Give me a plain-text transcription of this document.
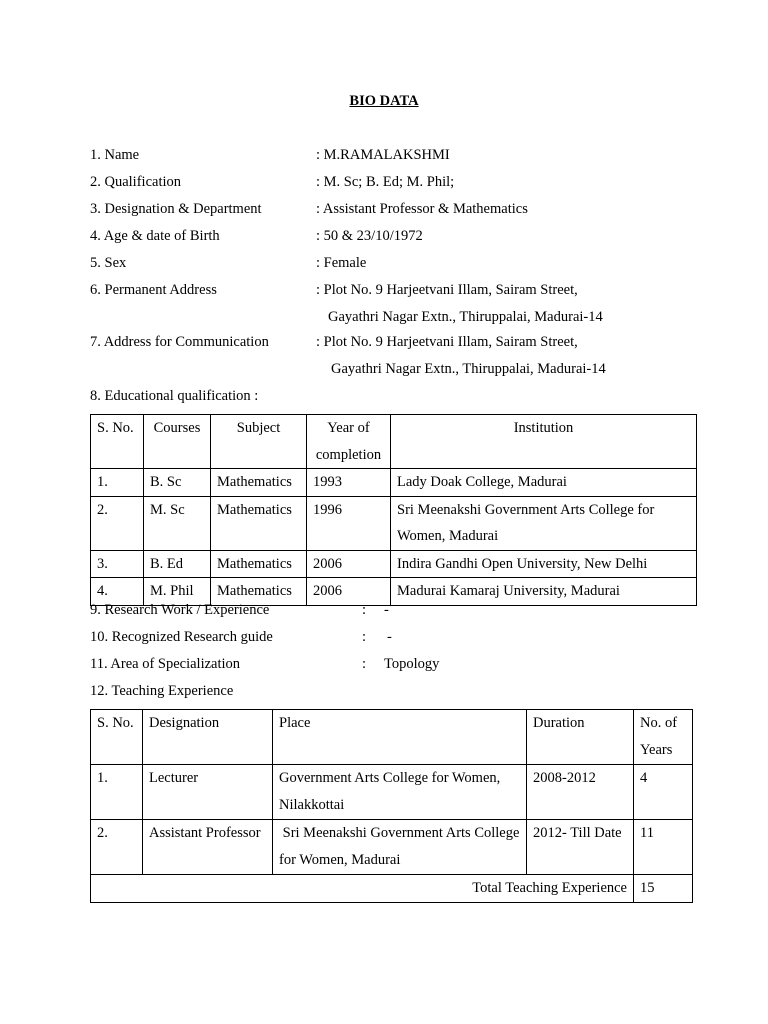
BIO DATA
1. Name	: M.RAMALAKSHMI
2. Qualification	: M. Sc; B. Ed; M. Phil;
3. Designation & Department	: Assistant Professor & Mathematics
4. Age & date of Birth	: 50 & 23/10/1972
5. Sex	: Female
6. Permanent Address	: Plot No. 9 Harjeetvani Illam, Sairam Street,
Gayathri Nagar Extn., Thiruppalai, Madurai-14
7. Address for Communication	: Plot No. 9 Harjeetvani Illam, Sairam Street,
Gayathri Nagar Extn., Thiruppalai, Madurai-14
8. Educational qualification :
S. No.	Courses	Subject	Year of completion	Institution
1.	B. Sc	Mathematics	1993	Lady Doak College, Madurai
2.	M. Sc	Mathematics	1996	Sri Meenakshi Government Arts College for Women, Madurai
3.	B. Ed	Mathematics	2006	Indira Gandhi Open University, New Delhi
4.	M. Phil	Mathematics	2006	Madurai Kamaraj University, Madurai
9. Research Work / Experience	: -
10. Recognized Research guide	: -
11. Area of Specialization	: Topology
12. Teaching Experience
S. No.	Designation	Place	Duration	No. of Years
1.	Lecturer	Government Arts College for Women, Nilakkottai	2008-2012	4
2.	Assistant Professor	Sri Meenakshi Government Arts College for Women, Madurai	2012- Till Date	11
Total Teaching Experience				15
